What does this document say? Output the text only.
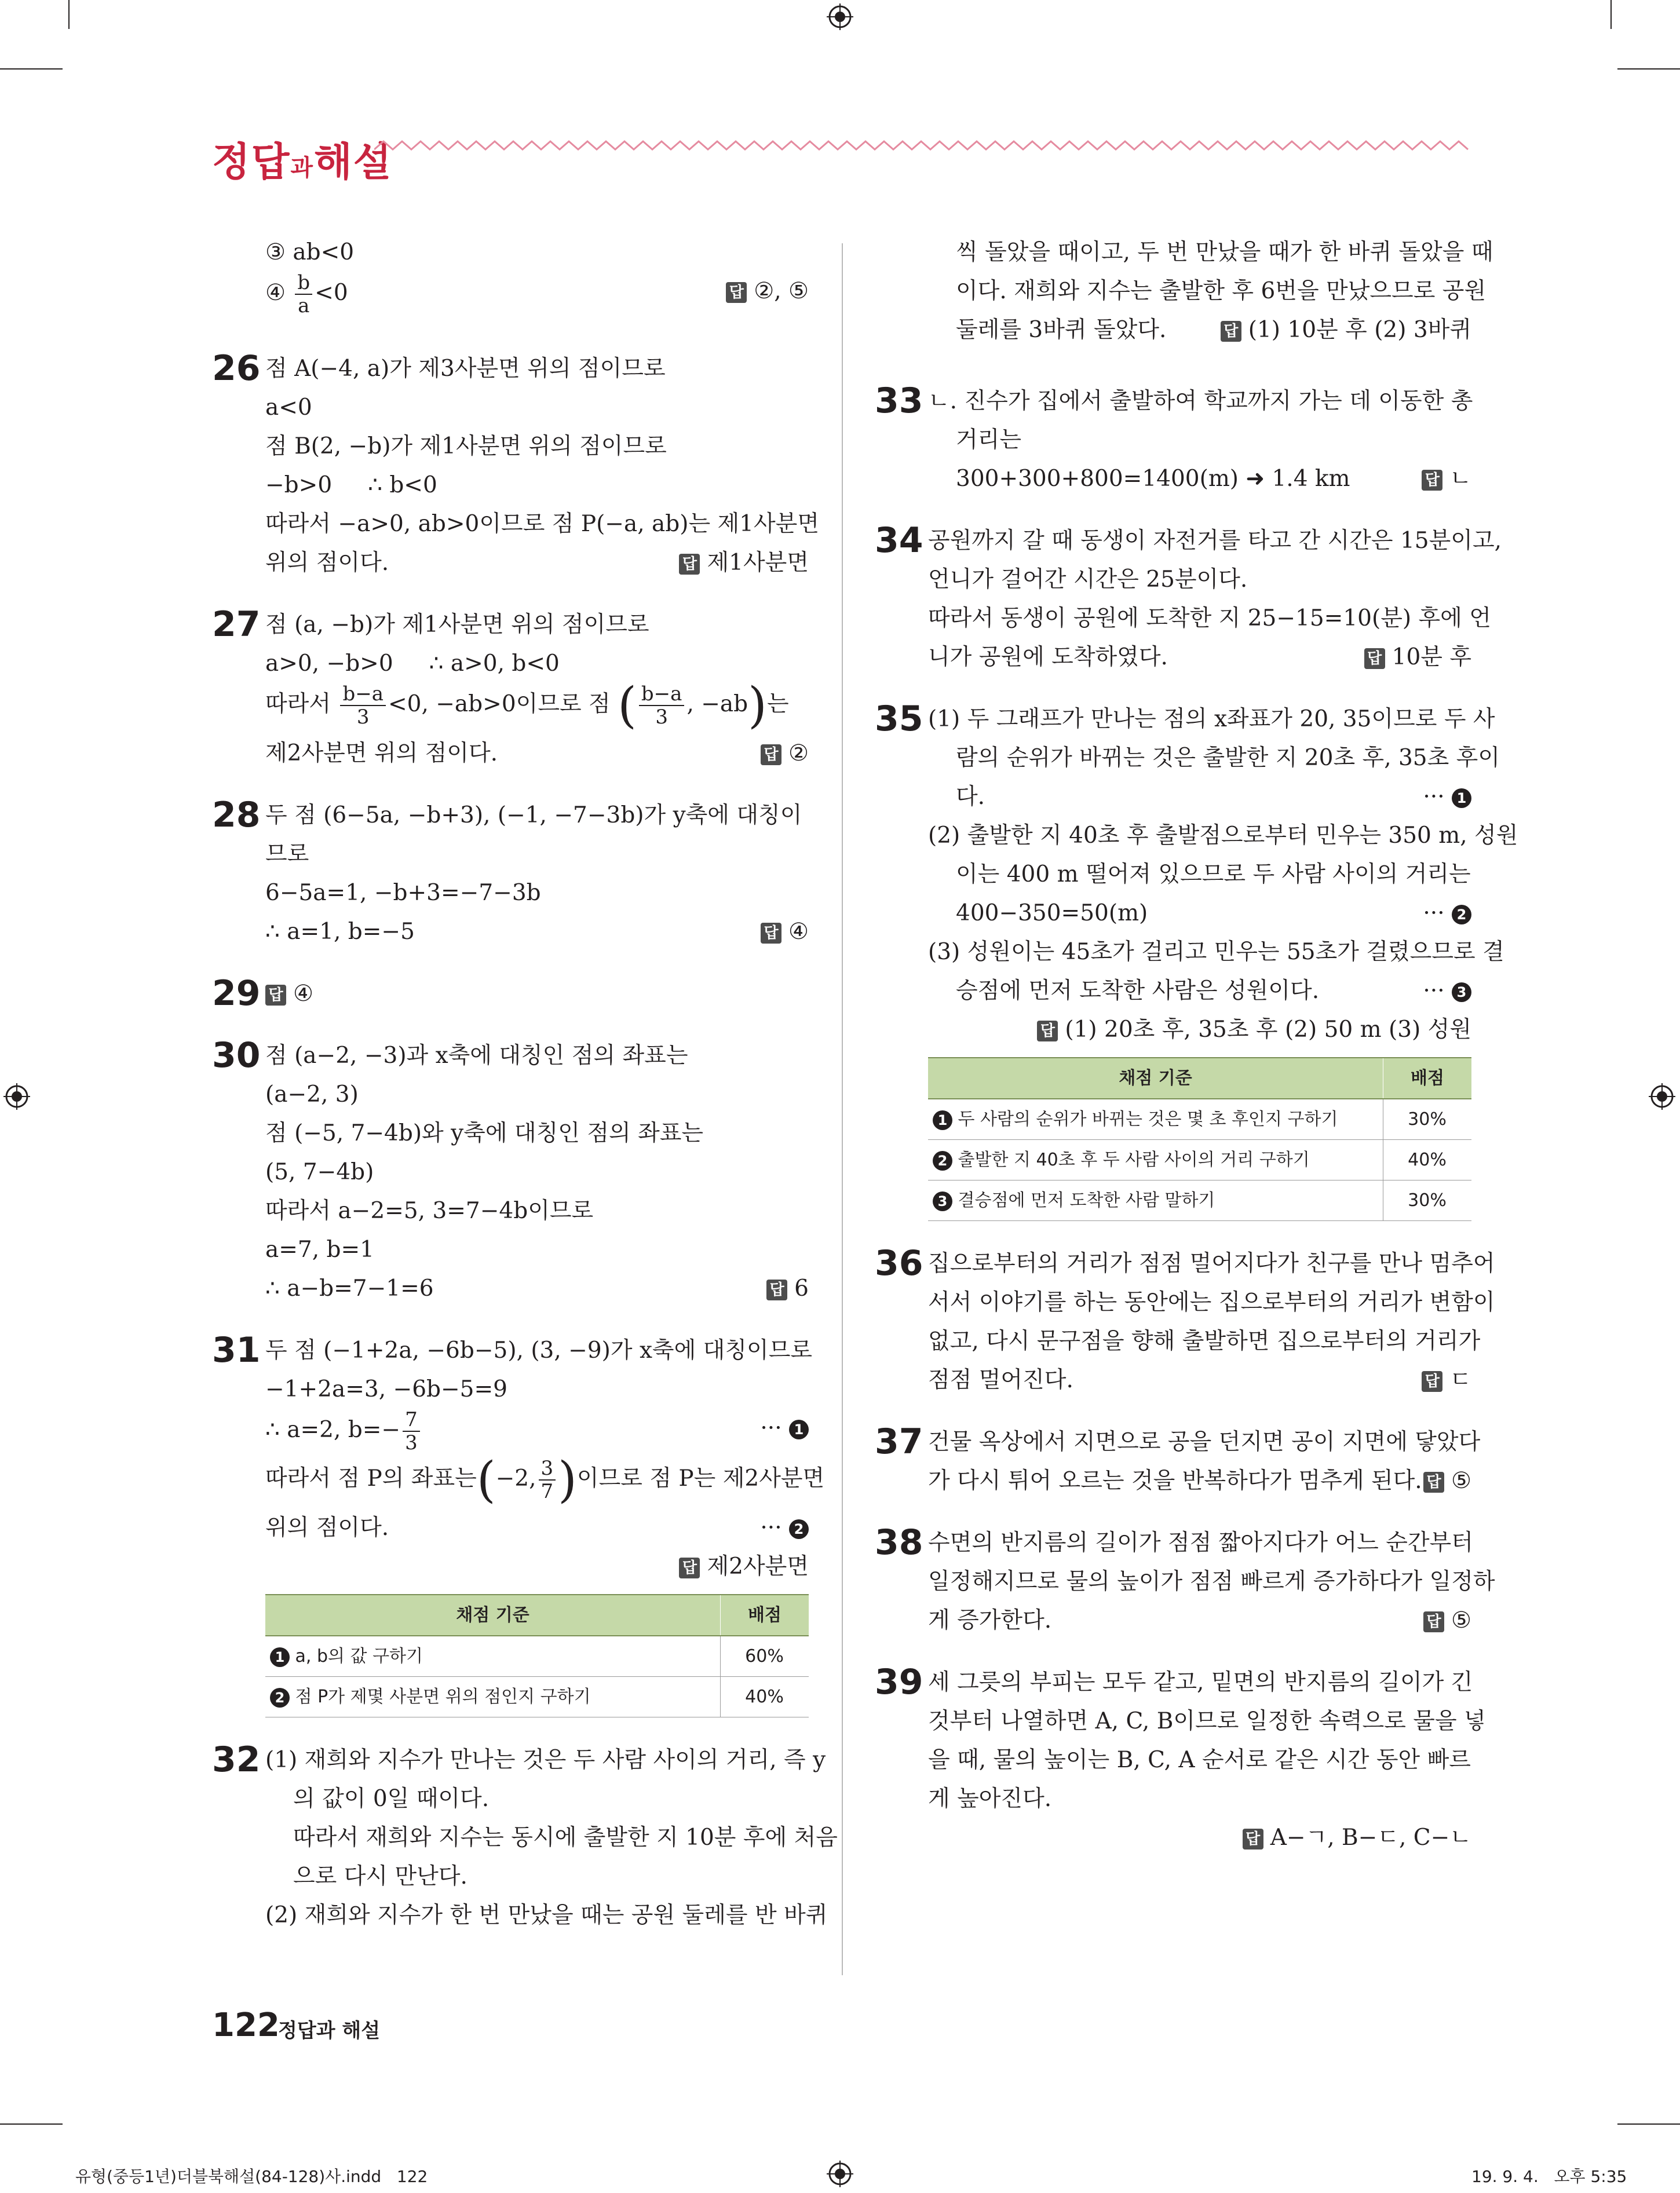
정답과해설
③ ab<0
④ $\frac{b}{a} <0$	답 ②, ⑤
26 점 A(−4, a)가 제3사분면 위의 점이므로
a<0
점 B(2, −b)가 제1사분면 위의 점이므로
−b>0     ∴ b<0
따라서 −a>0, ab>0이므로 점 P(−a, ab)는 제1사분면
위의 점이다.	답 제1사분면
27 점 (a, −b)가 제1사분면 위의 점이므로
a>0, −b>0     ∴ a>0, b<0
따라서 $\frac{b-a}{3} <0$, −ab>0이므로 점 ( $\frac{b-a}{3}$ , −ab)는
제2사분면 위의 점이다.	답 ②
28 두 점 (6−5a, −b+3), (−1, −7−3b)가 y축에 대칭이
므로
6−5a=1, −b+3=−7−3b
∴ a=1, b=−5	답 ④
29 답 ④
30 점 (a−2, −3)과 x축에 대칭인 점의 좌표는
(a−2, 3)
점 (−5, 7−4b)와 y축에 대칭인 점의 좌표는
(5, 7−4b)
따라서 a−2=5, 3=7−4b이므로
a=7, b=1
∴ a−b=7−1=6	답 6
31 두 점 (−1+2a, −6b−5), (3, −9)가 x축에 대칭이므로
−1+2a=3, −6b−5=9
∴ a=2, $b=- \frac{7}{3}$	··· 1
따라서 점 P의 좌표는(−2, $\frac{3}{7}$ )이므로 점 P는 제2사분면
위의 점이다.	··· 2
답 제2사분면
채점 기준	배점
1 a, b의 값 구하기	60%
2 점 P가 제몇 사분면 위의 점인지 구하기	40%
32 (1) 재희와 지수가 만나는 것은 두 사람 사이의 거리, 즉 y
의 값이 0일 때이다.
따라서 재희와 지수는 동시에 출발한 지 10분 후에 처음
으로 다시 만난다.
(2) 재희와 지수가 한 번 만났을 때는 공원 둘레를 반 바퀴
씩 돌았을 때이고, 두 번 만났을 때가 한 바퀴 돌았을 때
이다. 재희와 지수는 출발한 후 6번을 만났으므로 공원
둘레를 3바퀴 돌았다.	답 (1) 10분 후 (2) 3바퀴
33 ㄴ. 진수가 집에서 출발하여 학교까지 가는 데 이동한 총
거리는
300+300+800=1400(m) ➜ 1.4 km	답 ㄴ
34 공원까지 갈 때 동생이 자전거를 타고 간 시간은 15분이고,
언니가 걸어간 시간은 25분이다.
따라서 동생이 공원에 도착한 지 25−15=10(분) 후에 언
니가 공원에 도착하였다.	답 10분 후
35 (1) 두 그래프가 만나는 점의 x좌표가 20, 35이므로 두 사
람의 순위가 바뀌는 것은 출발한 지 20초 후, 35초 후이
다.	··· 1
(2) 출발한 지 40초 후 출발점으로부터 민우는 350 m, 성원
이는 400 m 떨어져 있으므로 두 사람 사이의 거리는
400−350=50(m)	··· 2
(3) 성원이는 45초가 걸리고 민우는 55초가 걸렸으므로 결
승점에 먼저 도착한 사람은 성원이다.	··· 3
답 (1) 20초 후, 35초 후 (2) 50 m (3) 성원
채점 기준	배점
1 두 사람의 순위가 바뀌는 것은 몇 초 후인지 구하기	30%
2 출발한 지 40초 후 두 사람 사이의 거리 구하기	40%
3 결승점에 먼저 도착한 사람 말하기	30%
36 집으로부터의 거리가 점점 멀어지다가 친구를 만나 멈추어
서서 이야기를 하는 동안에는 집으로부터의 거리가 변함이
없고, 다시 문구점을 향해 출발하면 집으로부터의 거리가
점점 멀어진다.	답 ㄷ
37 건물 옥상에서 지면으로 공을 던지면 공이 지면에 닿았다
가 다시 튀어 오르는 것을 반복하다가 멈추게 된다. 답 ⑤
38 수면의 반지름의 길이가 점점 짧아지다가 어느 순간부터
일정해지므로 물의 높이가 점점 빠르게 증가하다가 일정하
게 증가한다.	답 ⑤
39 세 그릇의 부피는 모두 같고, 밑면의 반지름의 길이가 긴
것부터 나열하면 A, C, B이므로 일정한 속력으로 물을 넣
을 때, 물의 높이는 B, C, A 순서로 같은 시간 동안 빠르
게 높아진다.
답 A−ㄱ, B−ㄷ, C−ㄴ
122
정답과 해설
유형(중등1년)더블북해설(84-128)사.indd   122	19. 9. 4.   오후 5:35
